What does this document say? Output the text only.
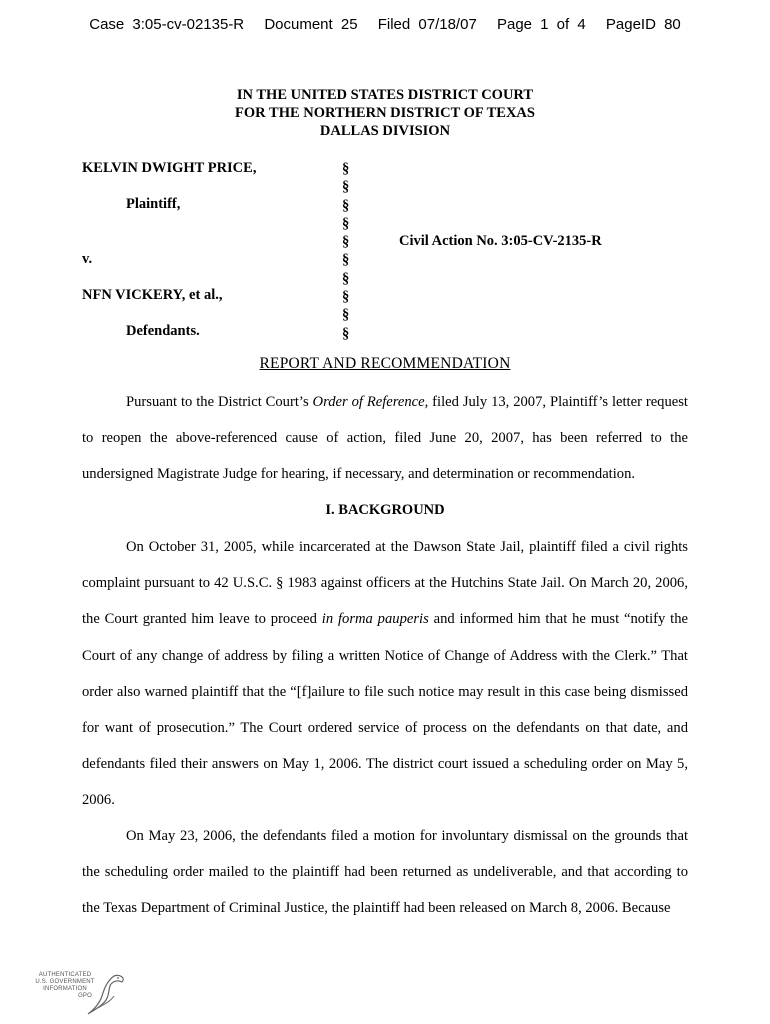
Case 3:05-cv-02135-R Document 25 Filed 07/18/07 Page 1 of 4 PageID 80
IN THE UNITED STATES DISTRICT COURT
FOR THE NORTHERN DISTRICT OF TEXAS
DALLAS DIVISION
KELVIN DWIGHT PRICE,
Plaintiff,
v.
NFN VICKERY, et al.,
Defendants.
§
§
§
§
§
§
§
§
§
§
Civil Action No. 3:05-CV-2135-R
REPORT AND RECOMMENDATION

Pursuant to the District Court’s Order of Reference, filed July 13, 2007, Plaintiff’s letter request to reopen the above-referenced cause of action, filed June 20, 2007, has been referred to the undersigned Magistrate Judge for hearing, if necessary, and determination or recommendation.

I. BACKGROUND

On October 31, 2005, while incarcerated at the Dawson State Jail, plaintiff filed a civil rights complaint pursuant to 42 U.S.C. § 1983 against officers at the Hutchins State Jail. On March 20, 2006, the Court granted him leave to proceed in forma pauperis and informed him that he must “notify the Court of any change of address by filing a written Notice of Change of Address with the Clerk.” That order also warned plaintiff that the “[f]ailure to file such notice may result in this case being dismissed for want of prosecution.” The Court ordered service of process on the defendants on that date, and defendants filed their answers on May 1, 2006. The district court issued a scheduling order on May 5, 2006.

On May 23, 2006, the defendants filed a motion for involuntary dismissal on the grounds that the scheduling order mailed to the plaintiff had been returned as undeliverable, and that according to the Texas Department of Criminal Justice, the plaintiff had been released on March 8, 2006. Because

AUTHENTICATED
U.S. GOVERNMENT
INFORMATION
GPO
